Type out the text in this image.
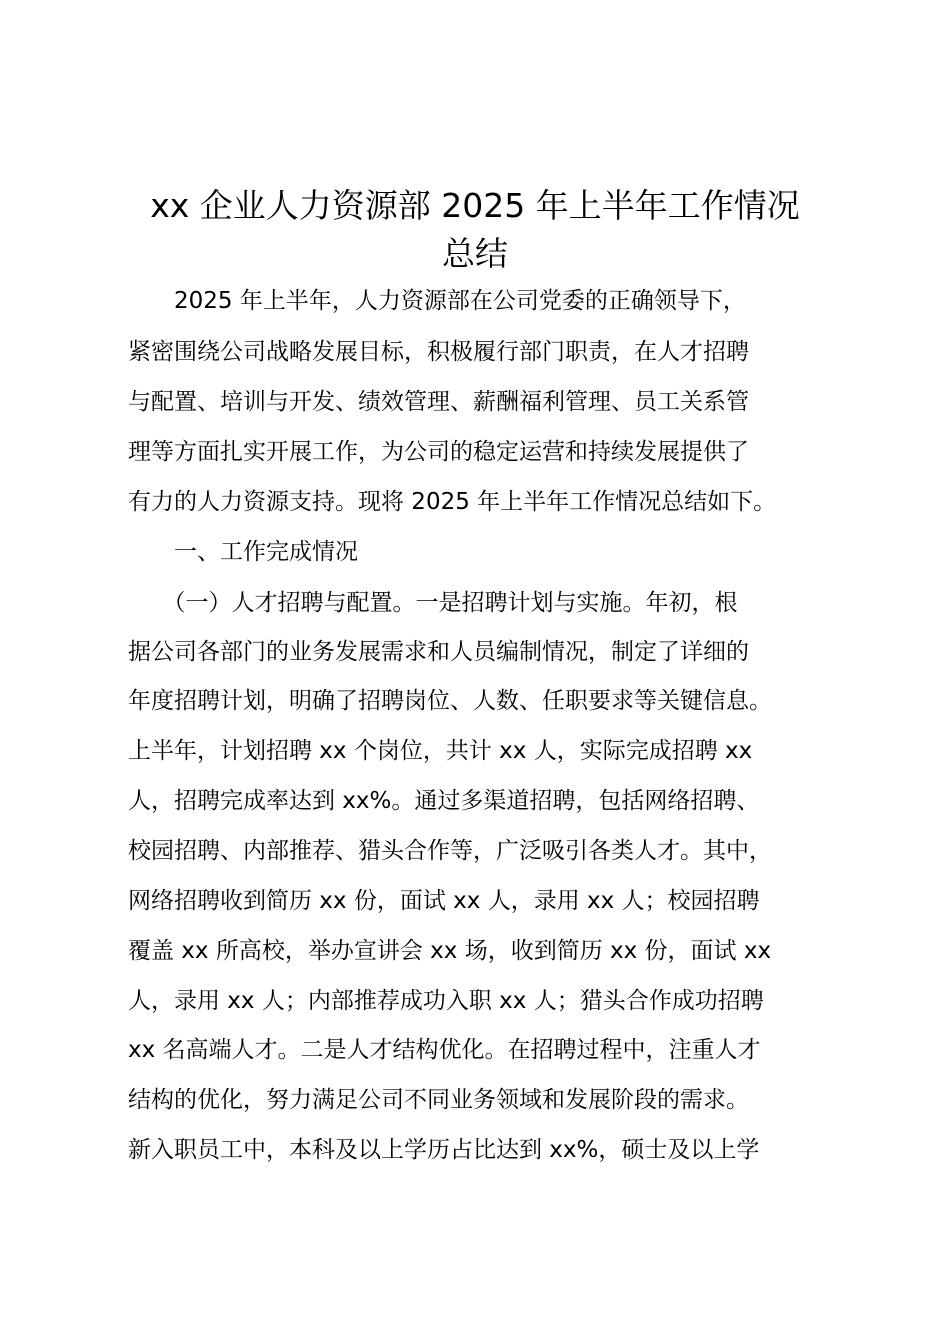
xx 企业人力资源部 2025 年上半年工作情况
总结

　　2025 年上半年，人力资源部在公司党委的正确领导下，

紧密围绕公司战略发展目标，积极履行部门职责，在人才招聘

与配置、培训与开发、绩效管理、薪酬福利管理、员工关系管

理等方面扎实开展工作，为公司的稳定运营和持续发展提供了

有力的人力资源支持。现将 2025 年上半年工作情况总结如下。

　　一、工作完成情况

　　（一）人才招聘与配置。一是招聘计划与实施。年初，根

据公司各部门的业务发展需求和人员编制情况，制定了详细的

年度招聘计划，明确了招聘岗位、人数、任职要求等关键信息。

上半年，计划招聘 xx 个岗位，共计 xx 人，实际完成招聘 xx

人，招聘完成率达到 xx%。通过多渠道招聘，包括网络招聘、

校园招聘、内部推荐、猎头合作等，广泛吸引各类人才。其中，

网络招聘收到简历 xx 份，面试 xx 人，录用 xx 人；校园招聘

覆盖 xx 所高校，举办宣讲会 xx 场，收到简历 xx 份，面试 xx

人，录用 xx 人；内部推荐成功入职 xx 人；猎头合作成功招聘

xx 名高端人才。二是人才结构优化。在招聘过程中，注重人才

结构的优化，努力满足公司不同业务领域和发展阶段的需求。

新入职员工中，本科及以上学历占比达到 xx%，硕士及以上学
